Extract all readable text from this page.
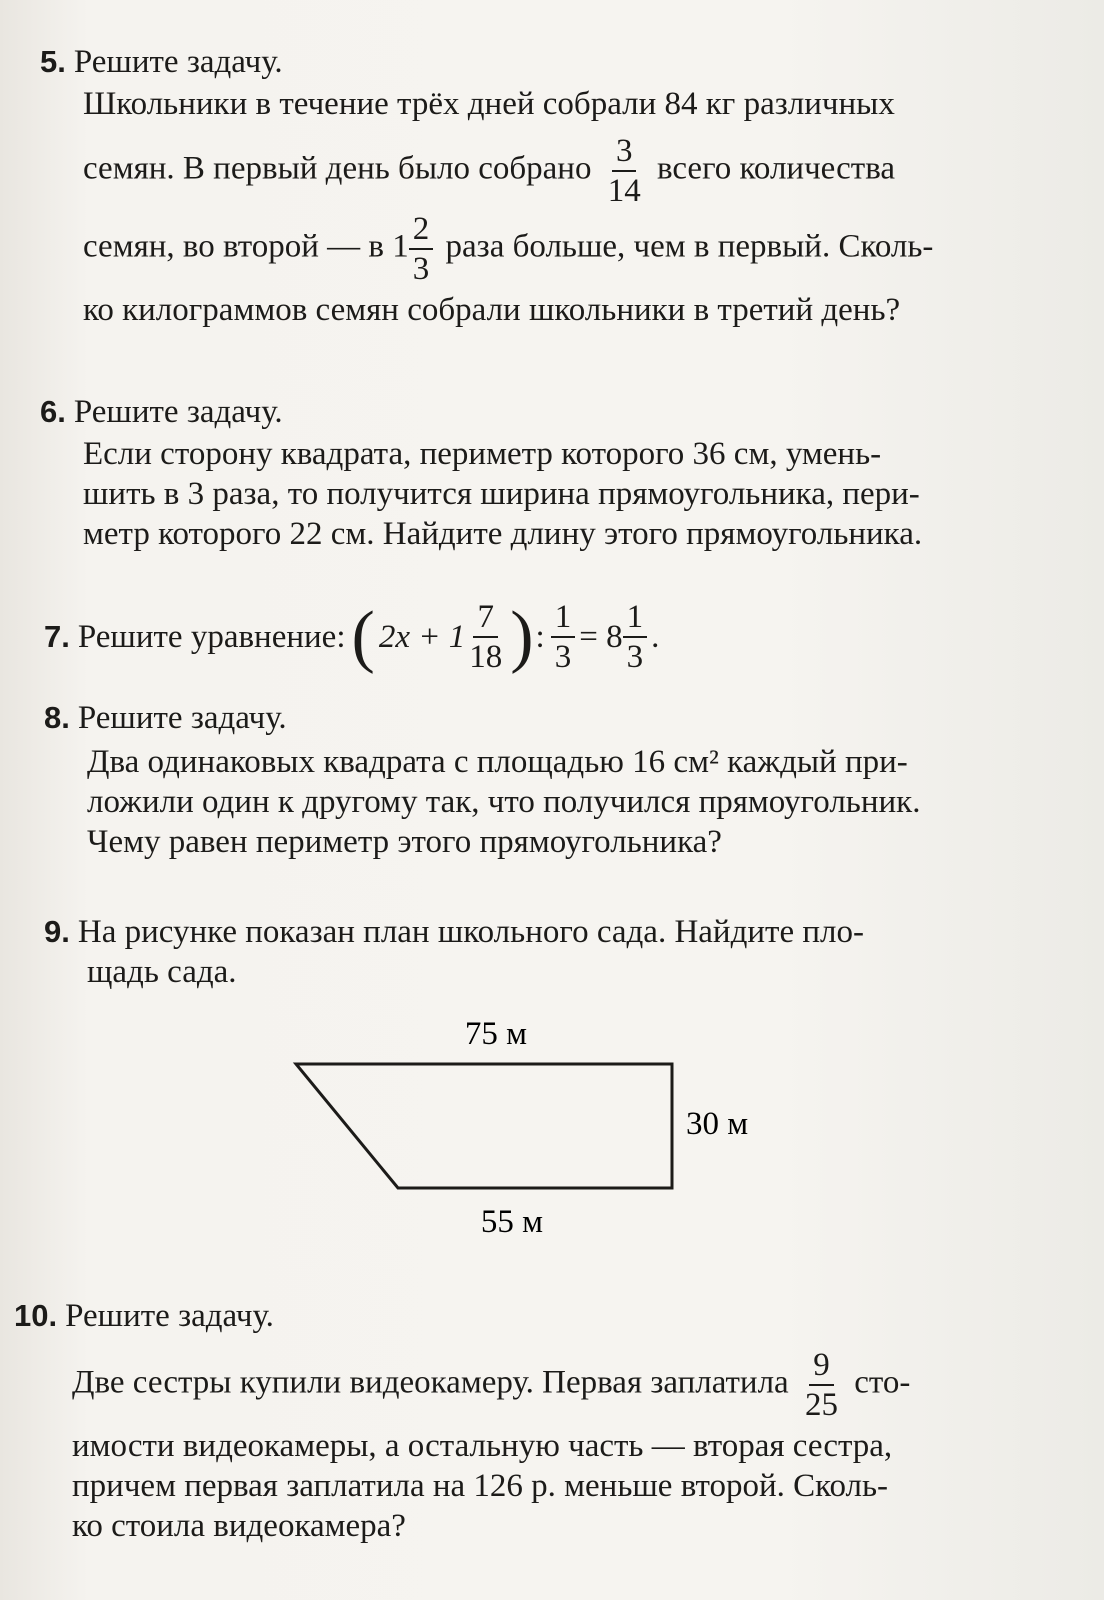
5. Решите задачу.
Школьники в течение трёх дней собрали 84 кг различных
семян. В первый день было собрано $\frac{3}{14}$ всего количества
семян, во второй — в $1 \frac{2}{3}$ раза больше, чем в первый. Сколь-
ко килограммов семян собрали школьники в третий день?
6. Решите задачу.
Если сторону квадрата, периметр которого 36 см, умень-
шить в 3 раза, то получится ширина прямоугольника, пери-
метр которого 22 см. Найдите длину этого прямоугольника.
7. Решите уравнение: ( $2x + 1 \frac{7}{18}$ ) : $\frac{1}{3} = 8 \frac{1}{3}$ .
8. Решите задачу.
Два одинаковых квадрата с площадью 16 см² каждый при-
ложили один к другому так, что получился прямоугольник.
Чему равен периметр этого прямоугольника?
9. На рисунке показан план школьного сада. Найдите пло-
щадь сада.
75 м
30 м
55 м
10. Решите задачу.
Две сестры купили видеокамеру. Первая заплатила $\frac{9}{25} сто-$
имости видеокамеры, а остальную часть — вторая сестра,
причем первая заплатила на 126 р. меньше второй. Сколь-
ко стоила видеокамера?
